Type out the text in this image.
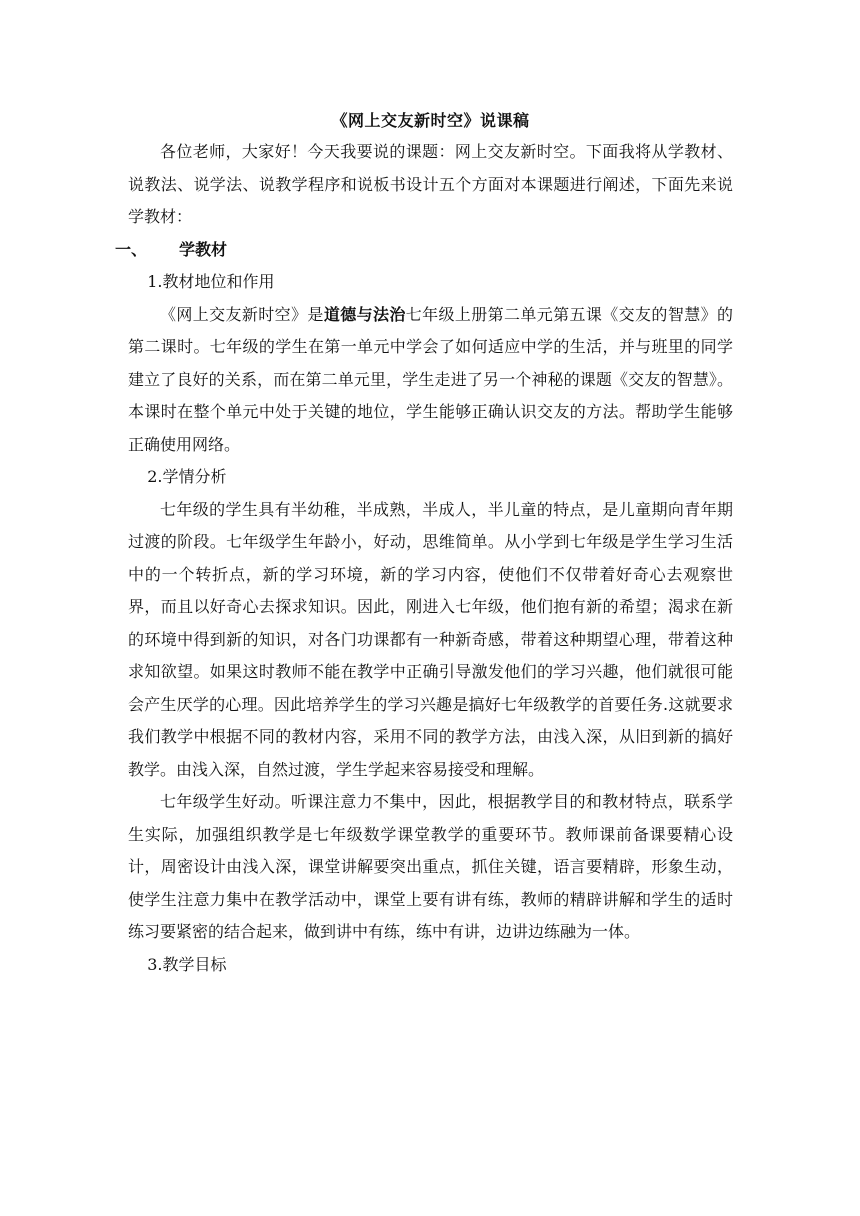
《网上交友新时空》说课稿

各位老师，大家好！今天我要说的课题：网上交友新时空。下面我将从学教材、说教法、说学法、说教学程序和说板书设计五个方面对本课题进行阐述，下面先来说学教材：

一、	学教材

1.教材地位和作用

《网上交友新时空》是道德与法治七年级上册第二单元第五课《交友的智慧》的第二课时。七年级的学生在第一单元中学会了如何适应中学的生活，并与班里的同学建立了良好的关系，而在第二单元里，学生走进了另一个神秘的课题《交友的智慧》。本课时在整个单元中处于关键的地位，学生能够正确认识交友的方法。帮助学生能够正确使用网络。

2.学情分析

七年级的学生具有半幼稚，半成熟，半成人，半儿童的特点，是儿童期向青年期过渡的阶段。七年级学生年龄小，好动，思维简单。从小学到七年级是学生学习生活中的一个转折点，新的学习环境，新的学习内容，使他们不仅带着好奇心去观察世界，而且以好奇心去探求知识。因此，刚进入七年级，他们抱有新的希望；渴求在新的环境中得到新的知识，对各门功课都有一种新奇感，带着这种期望心理，带着这种求知欲望。如果这时教师不能在教学中正确引导激发他们的学习兴趣，他们就很可能会产生厌学的心理。因此培养学生的学习兴趣是搞好七年级教学的首要任务.这就要求我们教学中根据不同的教材内容，采用不同的教学方法，由浅入深，从旧到新的搞好教学。由浅入深，自然过渡，学生学起来容易接受和理解。

七年级学生好动。听课注意力不集中，因此，根据教学目的和教材特点，联系学生实际，加强组织教学是七年级数学课堂教学的重要环节。教师课前备课要精心设计，周密设计由浅入深，课堂讲解要突出重点，抓住关键，语言要精辟，形象生动，使学生注意力集中在教学活动中，课堂上要有讲有练，教师的精辟讲解和学生的适时练习要紧密的结合起来，做到讲中有练，练中有讲，边讲边练融为一体。

3.教学目标
